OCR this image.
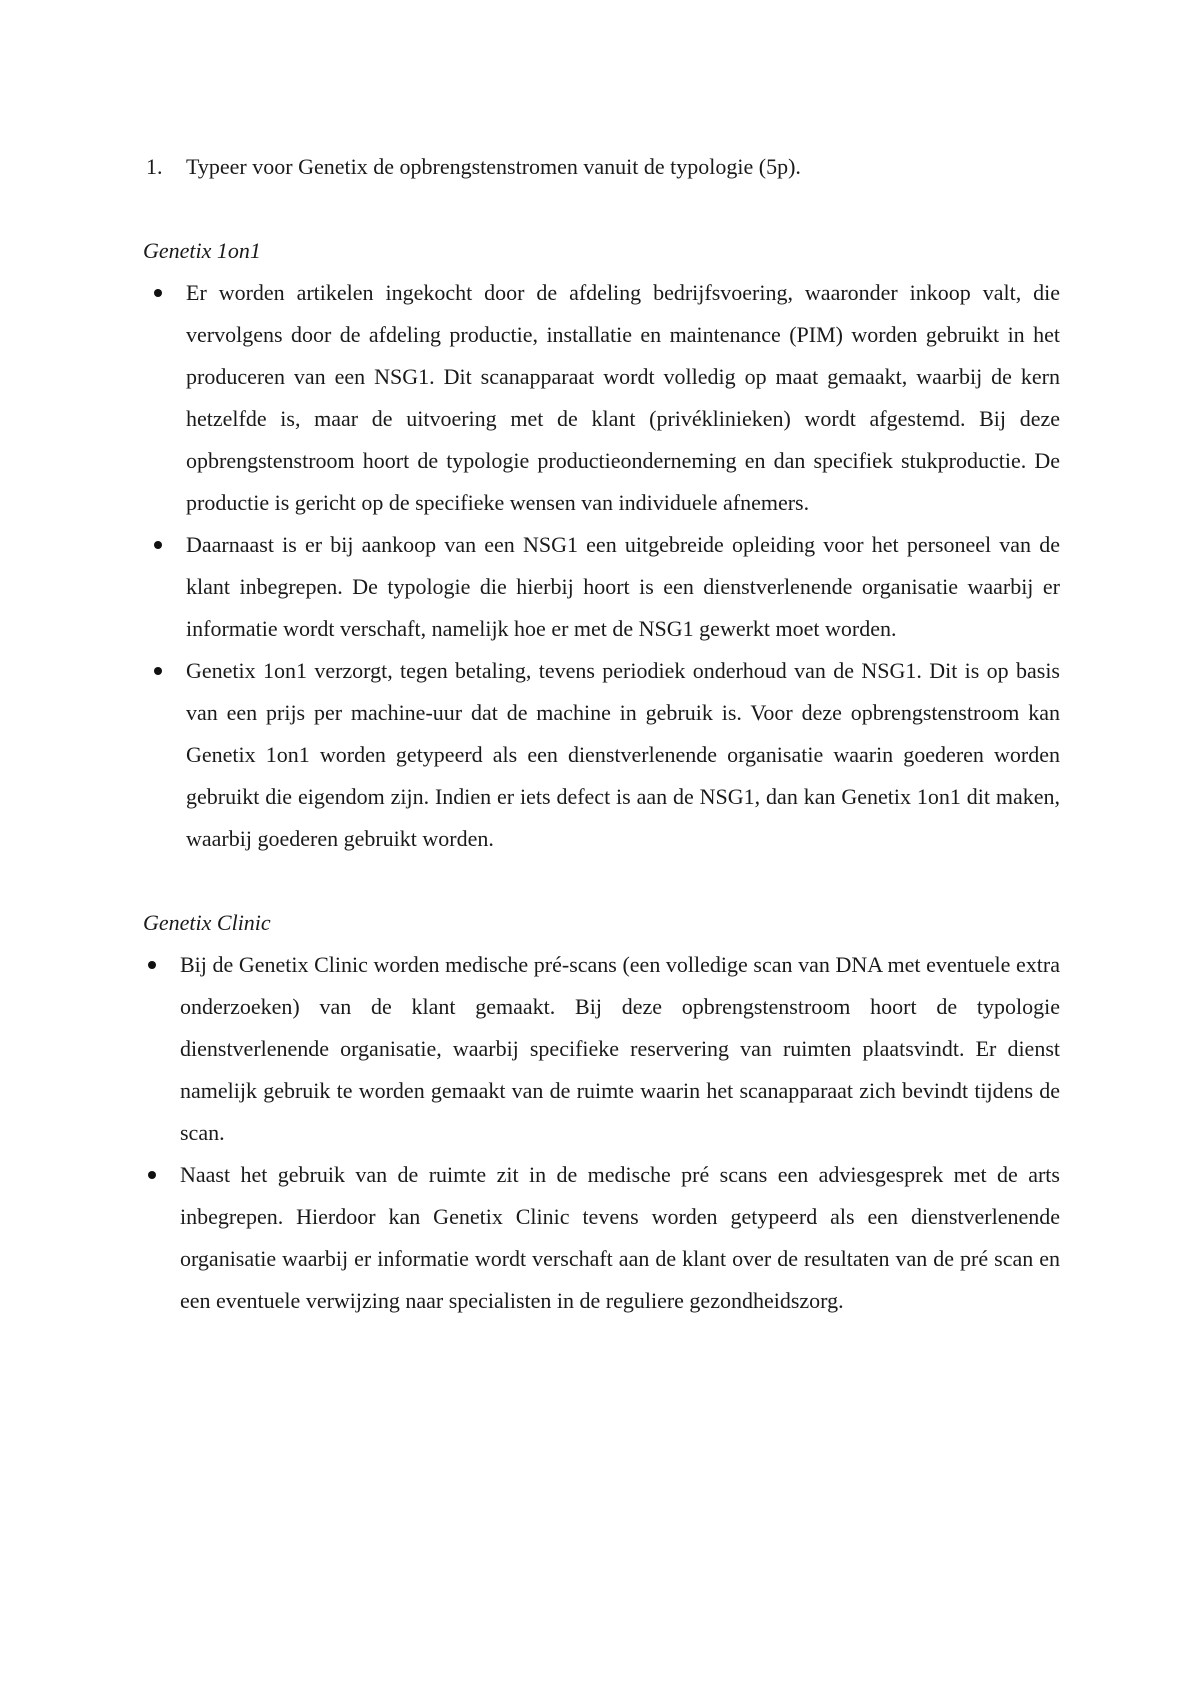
1. Typeer voor Genetix de opbrengstenstromen vanuit de typologie (5p).

Genetix 1on1

Er worden artikelen ingekocht door de afdeling bedrijfsvoering, waaronder inkoop valt, die vervolgens door de afdeling productie, installatie en maintenance (PIM) worden gebruikt in het produceren van een NSG1. Dit scanapparaat wordt volledig op maat gemaakt, waarbij de kern hetzelfde is, maar de uitvoering met de klant (privéklinieken) wordt afgestemd. Bij deze opbrengstenstroom hoort de typologie productieonderneming en dan specifiek stukproductie. De productie is gericht op de specifieke wensen van individuele afnemers.
Daarnaast is er bij aankoop van een NSG1 een uitgebreide opleiding voor het personeel van de klant inbegrepen. De typologie die hierbij hoort is een dienstverlenende organisatie waarbij er informatie wordt verschaft, namelijk hoe er met de NSG1 gewerkt moet worden.
Genetix 1on1 verzorgt, tegen betaling, tevens periodiek onderhoud van de NSG1. Dit is op basis van een prijs per machine-uur dat de machine in gebruik is. Voor deze opbrengstenstroom kan Genetix 1on1 worden getypeerd als een dienstverlenende organisatie waarin goederen worden gebruikt die eigendom zijn. Indien er iets defect is aan de NSG1, dan kan Genetix 1on1 dit maken, waarbij goederen gebruikt worden.

Genetix Clinic

Bij de Genetix Clinic worden medische pré-scans (een volledige scan van DNA met eventuele extra onderzoeken) van de klant gemaakt. Bij deze opbrengstenstroom hoort de typologie dienstverlenende organisatie, waarbij specifieke reservering van ruimten plaatsvindt. Er dienst namelijk gebruik te worden gemaakt van de ruimte waarin het scanapparaat zich bevindt tijdens de scan.
Naast het gebruik van de ruimte zit in de medische pré scans een adviesgesprek met de arts inbegrepen. Hierdoor kan Genetix Clinic tevens worden getypeerd als een dienstverlenende organisatie waarbij er informatie wordt verschaft aan de klant over de resultaten van de pré scan en een eventuele verwijzing naar specialisten in de reguliere gezondheidszorg.
